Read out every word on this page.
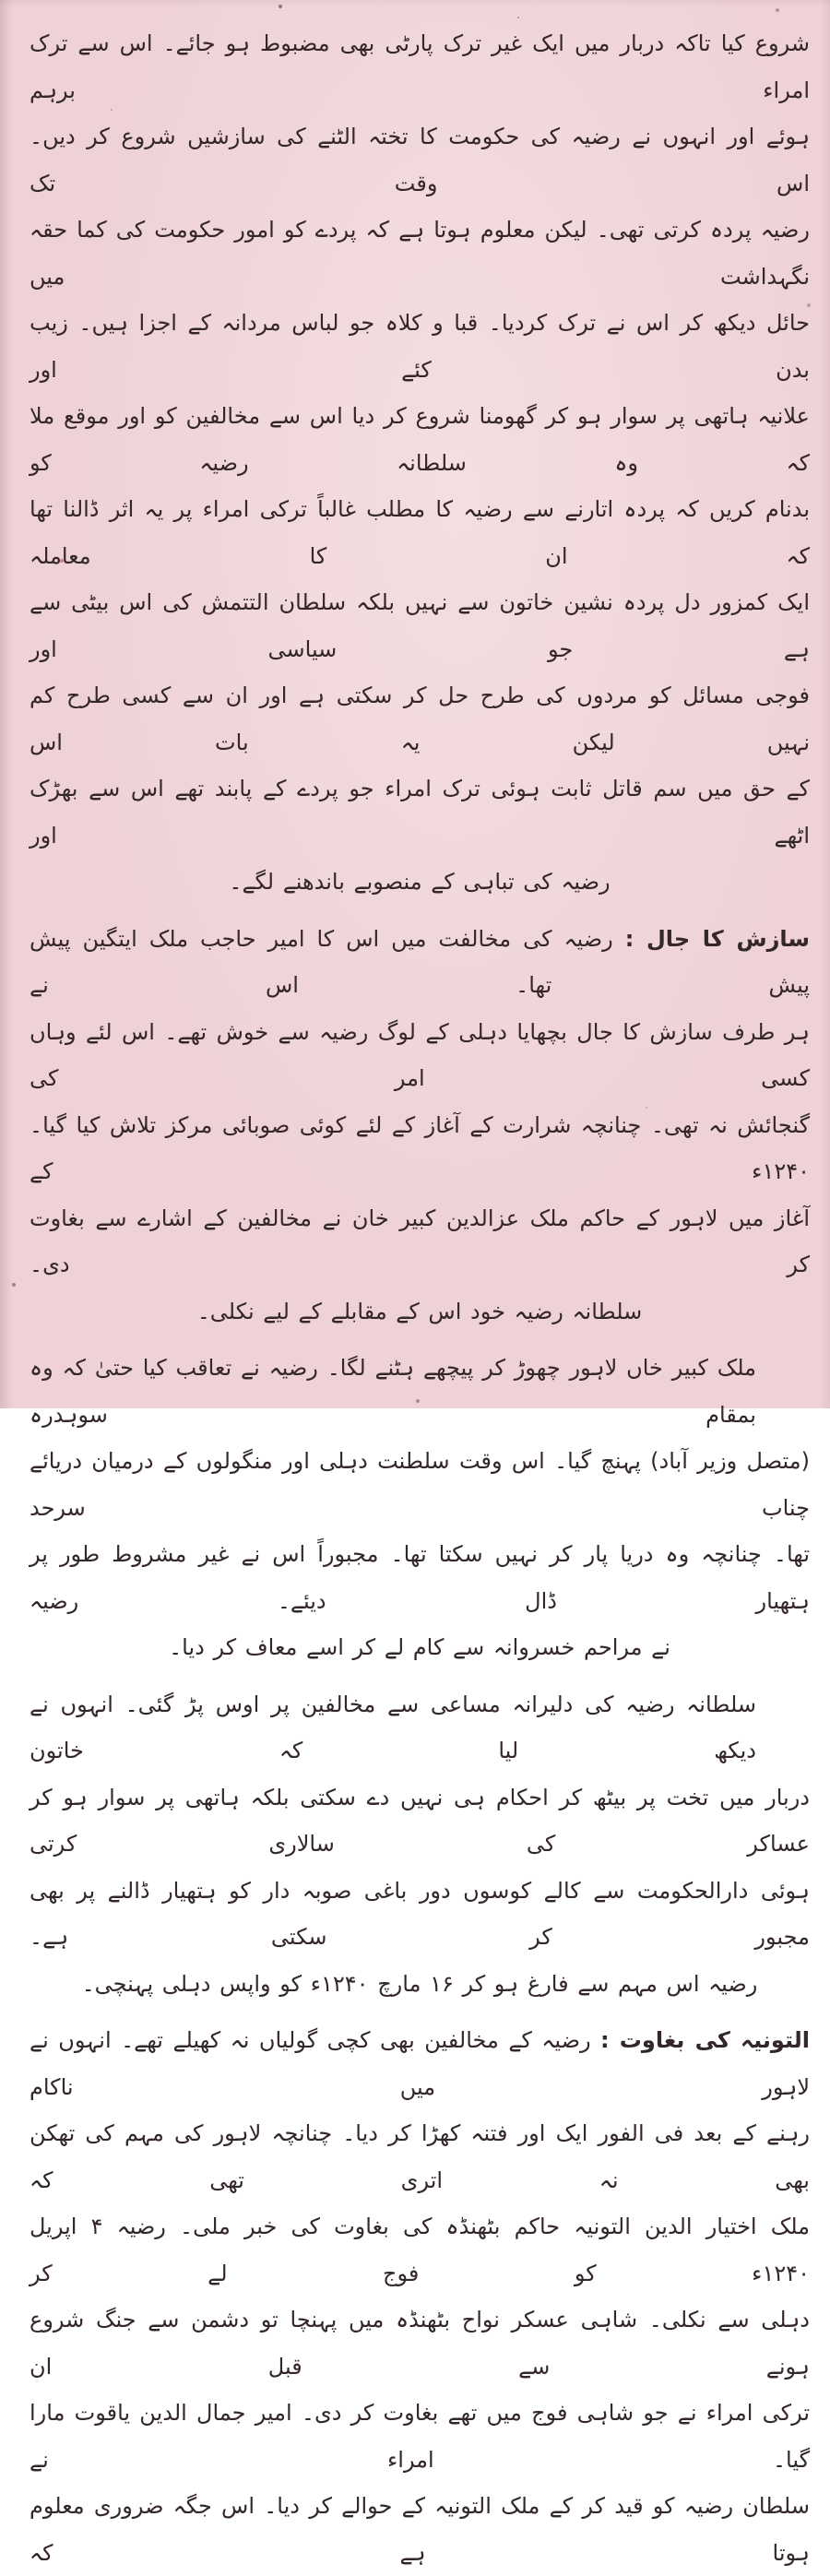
شروع کیا تاکہ دربار میں ایک غیر ترک پارٹی بھی مضبوط ہو جائے۔ اس سے ترک امراء برہم
ہوئے اور انہوں نے رضیہ کی حکومت کا تختہ الٹنے کی سازشیں شروع کر دیں۔ اس وقت تک
رضیہ پردہ کرتی تھی۔ لیکن معلوم ہوتا ہے کہ پردے کو امور حکومت کی کما حقہ نگہداشت میں
حائل دیکھ کر اس نے ترک کردیا۔ قبا و کلاہ جو لباس مردانہ کے اجزا ہیں۔ زیب بدن کئے اور
علانیہ ہاتھی پر سوار ہو کر گھومنا شروع کر دیا اس سے مخالفین کو اور موقع ملا کہ وہ سلطانہ رضیہ کو
بدنام کریں کہ پردہ اتارنے سے رضیہ کا مطلب غالباً ترکی امراء پر یہ اثر ڈالنا تھا کہ ان کا معاملہ
ایک کمزور دل پردہ نشین خاتون سے نہیں بلکہ سلطان التتمش کی اس بیٹی سے ہے جو سیاسی اور
فوجی مسائل کو مردوں کی طرح حل کر سکتی ہے اور ان سے کسی طرح کم نہیں لیکن یہ بات اس
کے حق میں سم قاتل ثابت ہوئی ترک امراء جو پردے کے پابند تھے اس سے بھڑک اٹھے اور
رضیہ کی تباہی کے منصوبے باندھنے لگے۔
سازش کا جال : رضیہ کی مخالفت میں اس کا امیر حاجب ملک ایتگین پیش پیش تھا۔ اس نے
ہر طرف سازش کا جال بچھایا دہلی کے لوگ رضیہ سے خوش تھے۔ اس لئے وہاں کسی امر کی
گنجائش نہ تھی۔ چنانچہ شرارت کے آغاز کے لئے کوئی صوبائی مرکز تلاش کیا گیا۔ ۱۲۴۰ء کے
آغاز میں لاہور کے حاکم ملک عزالدین کبیر خان نے مخالفین کے اشارے سے بغاوت کر دی۔
سلطانہ رضیہ خود اس کے مقابلے کے لیے نکلی۔
ملک کبیر خاں لاہور چھوڑ کر پیچھے ہٹنے لگا۔ رضیہ نے تعاقب کیا حتیٰ کہ وہ بمقام سوہدرہ
(متصل وزیر آباد) پہنچ گیا۔ اس وقت سلطنت دہلی اور منگولوں کے درمیان دریائے چناب سرحد
تھا۔ چنانچہ وہ دریا پار کر نہیں سکتا تھا۔ مجبوراً اس نے غیر مشروط طور پر ہتھیار ڈال دیئے۔ رضیہ
نے مراحم خسروانہ سے کام لے کر اسے معاف کر دیا۔
سلطانہ رضیہ کی دلیرانہ مساعی سے مخالفین پر اوس پڑ گئی۔ انہوں نے دیکھ لیا کہ خاتون
دربار میں تخت پر بیٹھ کر احکام ہی نہیں دے سکتی بلکہ ہاتھی پر سوار ہو کر عساکر کی سالاری کرتی
ہوئی دارالحکومت سے کالے کوسوں دور باغی صوبہ دار کو ہتھیار ڈالنے پر بھی مجبور کر سکتی ہے۔
رضیہ اس مہم سے فارغ ہو کر ۱۶ مارچ ۱۲۴۰ء کو واپس دہلی پہنچی۔
التونیہ کی بغاوت : رضیہ کے مخالفین بھی کچی گولیاں نہ کھیلے تھے۔ انہوں نے لاہور میں ناکام
رہنے کے بعد فی الفور ایک اور فتنہ کھڑا کر دیا۔ چنانچہ لاہور کی مہم کی تھکن بھی نہ اتری تھی کہ
ملک اختیار الدین التونیہ حاکم بٹھنڈہ کی بغاوت کی خبر ملی۔ رضیہ ۴ اپریل ۱۲۴۰ء کو فوج لے کر
دہلی سے نکلی۔ شاہی عسکر نواح بٹھنڈہ میں پہنچا تو دشمن سے جنگ شروع ہونے سے قبل ان
ترکی امراء نے جو شاہی فوج میں تھے بغاوت کر دی۔ امیر جمال الدین یاقوت مارا گیا۔ امراء نے
سلطان رضیہ کو قید کر کے ملک التونیہ کے حوالے کر دیا۔ اس جگہ ضروری معلوم ہوتا ہے کہ
